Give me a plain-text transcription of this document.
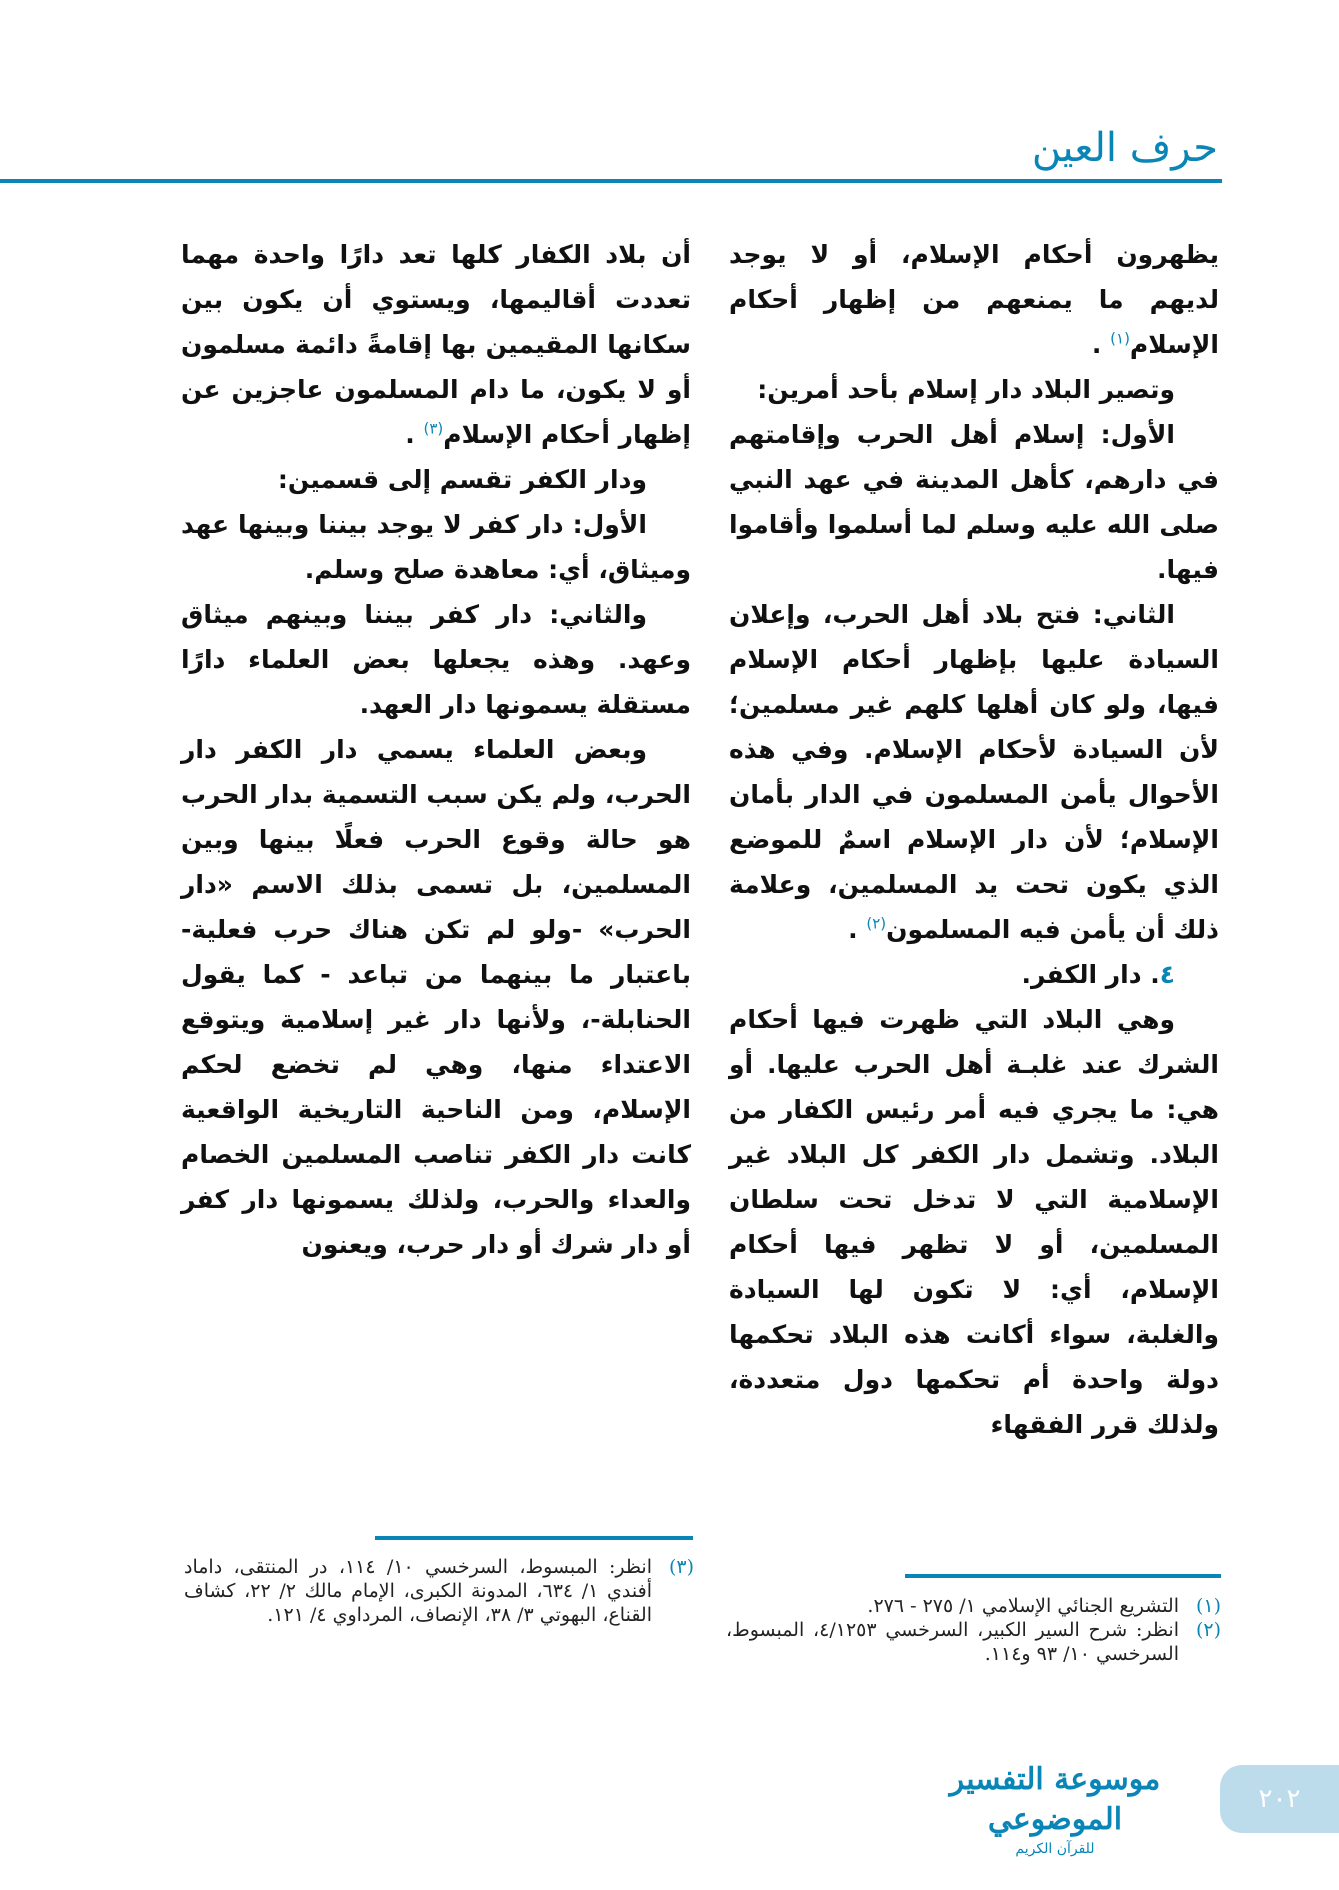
حرف العين

يظهرون أحكام الإسلام، أو لا يوجد لديهم ما يمنعهم من إظهار أحكام الإسلام$^{(١)}$ .

وتصير البلاد دار إسلام بأحد أمرين:

الأول: إسلام أهل الحرب وإقامتهم في دارهم، كأهل المدينة في عهد النبي صلى الله عليه وسلم لما أسلموا وأقاموا فيها.

الثاني: فتح بلاد أهل الحرب، وإعلان السيادة عليها بإظهار أحكام الإسلام فيها، ولو كان أهلها كلهم غير مسلمين؛ لأن السيادة لأحكام الإسلام. وفي هذه الأحوال يأمن المسلمون في الدار بأمان الإسلام؛ لأن دار الإسلام اسمٌ للموضع الذي يكون تحت يد المسلمين، وعلامة ذلك أن يأمن فيه المسلمون$^{(٢)}$ .

٤. دار الكفر.

وهي البلاد التي ظهرت فيها أحكام الشرك عند غلبـة أهل الحرب عليها. أو هي: ما يجري فيه أمر رئيس الكفار من البلاد. وتشمل دار الكفر كل البلاد غير الإسلامية التي لا تدخل تحت سلطان المسلمين، أو لا تظهر فيها أحكام الإسلام، أي: لا تكون لها السيادة والغلبة، سواء أكانت هذه البلاد تحكمها دولة واحدة أم تحكمها دول متعددة، ولذلك قرر الفقهاء

أن بلاد الكفار كلها تعد دارًا واحدة مهما تعددت أقاليمها، ويستوي أن يكون بين سكانها المقيمين بها إقامةً دائمة مسلمون أو لا يكون، ما دام المسلمون عاجزين عن إظهار أحكام الإسلام$^{(٣)}$ .

ودار الكفر تقسم إلى قسمين:

الأول: دار كفر لا يوجد بيننا وبينها عهد وميثاق، أي: معاهدة صلح وسلم.

والثاني: دار كفر بيننا وبينهم ميثاق وعهد. وهذه يجعلها بعض العلماء دارًا مستقلة يسمونها دار العهد.

وبعض العلماء يسمي دار الكفر دار الحرب، ولم يكن سبب التسمية بدار الحرب هو حالة وقوع الحرب فعلًا بينها وبين المسلمين، بل تسمى بذلك الاسم «دار الحرب» -ولو لم تكن هناك حرب فعلية- باعتبار ما بينهما من تباعد - كما يقول الحنابلة-، ولأنها دار غير إسلامية ويتوقع الاعتداء منها، وهي لم تخضع لحكم الإسلام، ومن الناحية التاريخية الواقعية كانت دار الكفر تناصب المسلمين الخصام والعداء والحرب، ولذلك يسمونها دار كفر أو دار شرك أو دار حرب، ويعنون

(١)
التشريع الجنائي الإسلامي ١/ ٢٧٥ - ٢٧٦.
(٢)
انظر: شرح السير الكبير، السرخسي ٤/١٢٥٣، المبسوط، السرخسي ١٠/ ٩٣ و١١٤.
(٣)
انظر: المبسوط، السرخسي ١٠/ ١١٤، در المنتقى، داماد أفندي ١/ ٦٣٤، المدونة الكبرى، الإمام مالك ٢/ ٢٢، كشاف القناع، البهوتي ٣/ ٣٨، الإنصاف، المرداوي ٤/ ١٢١.
موسوعة التفسير الموضوعي
للقرآن الكريم
٢٠٢
